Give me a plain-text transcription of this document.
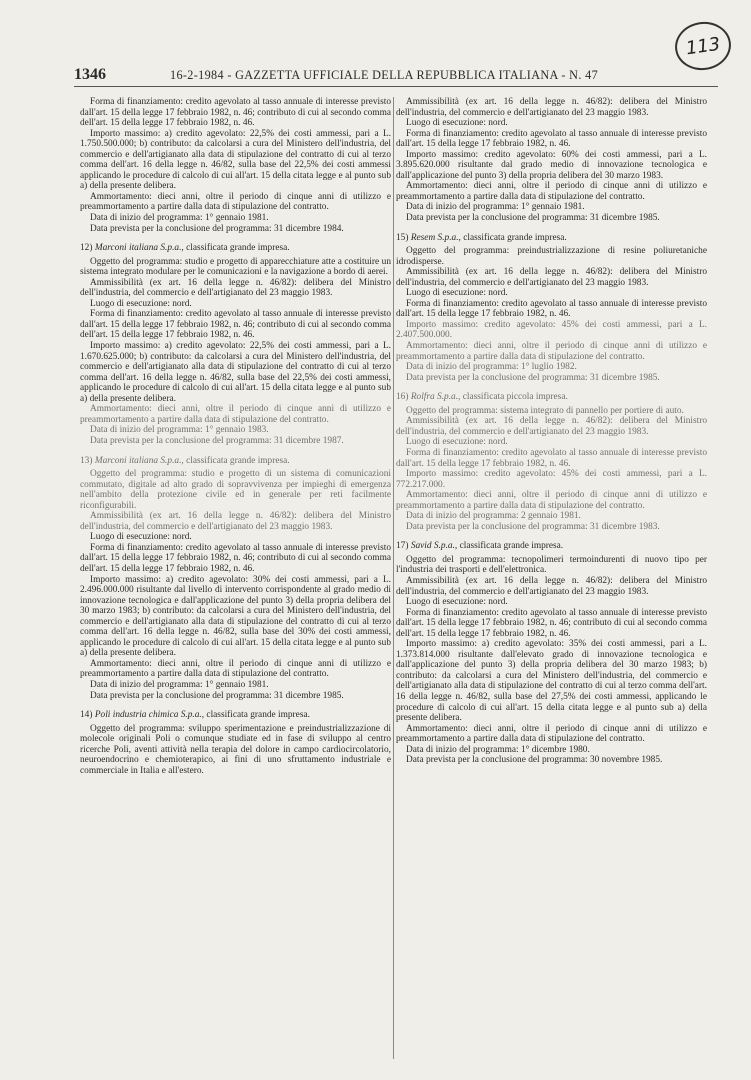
113
1346	16-2-1984 - GAZZETTA UFFICIALE DELLA REPUBBLICA ITALIANA - N. 47

Forma di finanziamento: credito agevolato al tasso annuale di interesse previsto dall'art. 15 della legge 17 febbraio 1982, n. 46; contributo di cui al secondo comma dell'art. 15 della legge 17 febbraio 1982, n. 46.

Importo massimo: a) credito agevolato: 22,5% dei costi ammessi, pari a L. 1.750.500.000; b) contributo: da calcolarsi a cura del Ministero dell'industria, del commercio e dell'artigianato alla data di stipulazione del contratto di cui al terzo comma dell'art. 16 della legge n. 46/82, sulla base del 22,5% dei costi ammessi applicando le procedure di calcolo di cui all'art. 15 della citata legge e al punto sub a) della presente delibera.

Ammortamento: dieci anni, oltre il periodo di cinque anni di utilizzo e preammortamento a partire dalla data di stipulazione del contratto.

Data di inizio del programma: 1° gennaio 1981.

Data prevista per la conclusione del programma: 31 dicembre 1984.

12) Marconi italiana S.p.a., classificata grande impresa.

Oggetto del programma: studio e progetto di apparecchiature atte a costituire un sistema integrato modulare per le comunicazioni e la navigazione a bordo di aerei.

Ammissibilità (ex art. 16 della legge n. 46/82): delibera del Ministro dell'industria, del commercio e dell'artigianato del 23 maggio 1983.

Luogo di esecuzione: nord.

Forma di finanziamento: credito agevolato al tasso annuale di interesse previsto dall'art. 15 della legge 17 febbraio 1982, n. 46; contributo di cui al secondo comma dell'art. 15 della legge 17 febbraio 1982, n. 46.

Importo massimo: a) credito agevolato: 22,5% dei costi ammessi, pari a L. 1.670.625.000; b) contributo: da calcolarsi a cura del Ministero dell'industria, del commercio e dell'artigianato alla data di stipulazione del contratto di cui al terzo comma dell'art. 16 della legge n. 46/82, sulla base del 22,5% dei costi ammessi, applicando le procedure di calcolo di cui all'art. 15 della citata legge e al punto sub a) della presente delibera.

Ammortamento: dieci anni, oltre il periodo di cinque anni di utilizzo e preammortamento a partire dalla data di stipulazione del contratto.

Data di inizio del programma: 1° gennaio 1983.

Data prevista per la conclusione del programma: 31 dicembre 1987.

13) Marconi italiana S.p.a., classificata grande impresa.

Oggetto del programma: studio e progetto di un sistema di comunicazioni commutato, digitale ad alto grado di sopravvivenza per impieghi di emergenza nell'ambito della protezione civile ed in generale per reti facilmente riconfigurabili.

Ammissibilità (ex art. 16 della legge n. 46/82): delibera del Ministro dell'industria, del commercio e dell'artigianato del 23 maggio 1983.

Luogo di esecuzione: nord.

Forma di finanziamento: credito agevolato al tasso annuale di interesse previsto dall'art. 15 della legge 17 febbraio 1982, n. 46; contributo di cui al secondo comma dell'art. 15 della legge 17 febbraio 1982, n. 46.

Importo massimo: a) credito agevolato: 30% dei costi ammessi, pari a L. 2.496.000.000 risultante dal livello di intervento corrispondente al grado medio di innovazione tecnologica e dall'applicazione del punto 3) della propria delibera del 30 marzo 1983; b) contributo: da calcolarsi a cura del Ministero dell'industria, del commercio e dell'artigianato alla data di stipulazione del contratto di cui al terzo comma dell'art. 16 della legge n. 46/82, sulla base del 30% dei costi ammessi, applicando le procedure di calcolo di cui all'art. 15 della citata legge e al punto sub a) della presente delibera.

Ammortamento: dieci anni, oltre il periodo di cinque anni di utilizzo e preammortamento a partire dalla data di stipulazione del contratto.

Data di inizio del programma: 1° gennaio 1981.

Data prevista per la conclusione del programma: 31 dicembre 1985.

14) Poli industria chimica S.p.a., classificata grande impresa.

Oggetto del programma: sviluppo sperimentazione e preindustrializzazione di molecole originali Poli o comunque studiate ed in fase di sviluppo al centro ricerche Poli, aventi attività nella terapia del dolore in campo cardiocircolatorio, neuroendocrino e chemioterapico, ai fini di uno sfruttamento industriale e commerciale in Italia e all'estero.

Ammissibilità (ex art. 16 della legge n. 46/82): delibera del Ministro dell'industria, del commercio e dell'artigianato del 23 maggio 1983.

Luogo di esecuzione: nord.

Forma di finanziamento: credito agevolato al tasso annuale di interesse previsto dall'art. 15 della legge 17 febbraio 1982, n. 46.

Importo massimo: credito agevolato: 60% dei costi ammessi, pari a L. 3.895.620.000 risultante dal grado medio di innovazione tecnologica e dall'applicazione del punto 3) della propria delibera del 30 marzo 1983.

Ammortamento: dieci anni, oltre il periodo di cinque anni di utilizzo e preammortamento a partire dalla data di stipulazione del contratto.

Data di inizio del programma: 1° gennaio 1981.

Data prevista per la conclusione del programma: 31 dicembre 1985.

15) Resem S.p.a., classificata grande impresa.

Oggetto del programma: preindustrializzazione di resine poliuretaniche idrodisperse.

Ammissibilità (ex art. 16 della legge n. 46/82): delibera del Ministro dell'industria, del commercio e dell'artigianato del 23 maggio 1983.

Luogo di esecuzione: nord.

Forma di finanziamento: credito agevolato al tasso annuale di interesse previsto dall'art. 15 della legge 17 febbraio 1982, n. 46.

Importo massimo: credito agevolato: 45% dei costi ammessi, pari a L. 2.407.500.000.

Ammortamento: dieci anni, oltre il periodo di cinque anni di utilizzo e preammortamento a partire dalla data di stipulazione del contratto.

Data di inizio del programma: 1° luglio 1982.

Data prevista per la conclusione del programma: 31 dicembre 1985.

16) Rolfra S.p.a., classificata piccola impresa.

Oggetto del programma: sistema integrato di pannello per portiere di auto.

Ammissibilità (ex art. 16 della legge n. 46/82): delibera del Ministro dell'industria, del commercio e dell'artigianato del 23 maggio 1983.

Luogo di esecuzione: nord.

Forma di finanziamento: credito agevolato al tasso annuale di interesse previsto dall'art. 15 della legge 17 febbraio 1982, n. 46.

Importo massimo: credito agevolato: 45% dei costi ammessi, pari a L. 772.217.000.

Ammortamento: dieci anni, oltre il periodo di cinque anni di utilizzo e preammortamento a partire dalla data di stipulazione del contratto.

Data di inizio del programma: 2 gennaio 1981.

Data prevista per la conclusione del programma: 31 dicembre 1983.

17) Savid S.p.a., classificata grande impresa.

Oggetto del programma: tecnopolimeri termoindurenti di nuovo tipo per l'industria dei trasporti e dell'elettronica.

Ammissibilità (ex art. 16 della legge n. 46/82): delibera del Ministro dell'industria, del commercio e dell'artigianato del 23 maggio 1983.

Luogo di esecuzione: nord.

Forma di finanziamento: credito agevolato al tasso annuale di interesse previsto dall'art. 15 della legge 17 febbraio 1982, n. 46; contributo di cui al secondo comma dell'art. 15 della legge 17 febbraio 1982, n. 46.

Importo massimo: a) credito agevolato: 35% dei costi ammessi, pari a L. 1.373.814.000 risultante dall'elevato grado di innovazione tecnologica e dall'applicazione del punto 3) della propria delibera del 30 marzo 1983; b) contributo: da calcolarsi a cura del Ministero dell'industria, del commercio e dell'artigianato alla data di stipulazione del contratto di cui al terzo comma dell'art. 16 della legge n. 46/82, sulla base del 27,5% dei costi ammessi, applicando le procedure di calcolo di cui all'art. 15 della citata legge e al punto sub a) della presente delibera.

Ammortamento: dieci anni, oltre il periodo di cinque anni di utilizzo e preammortamento a partire dalla data di stipulazione del contratto.

Data di inizio del programma: 1° dicembre 1980.

Data prevista per la conclusione del programma: 30 novembre 1985.
